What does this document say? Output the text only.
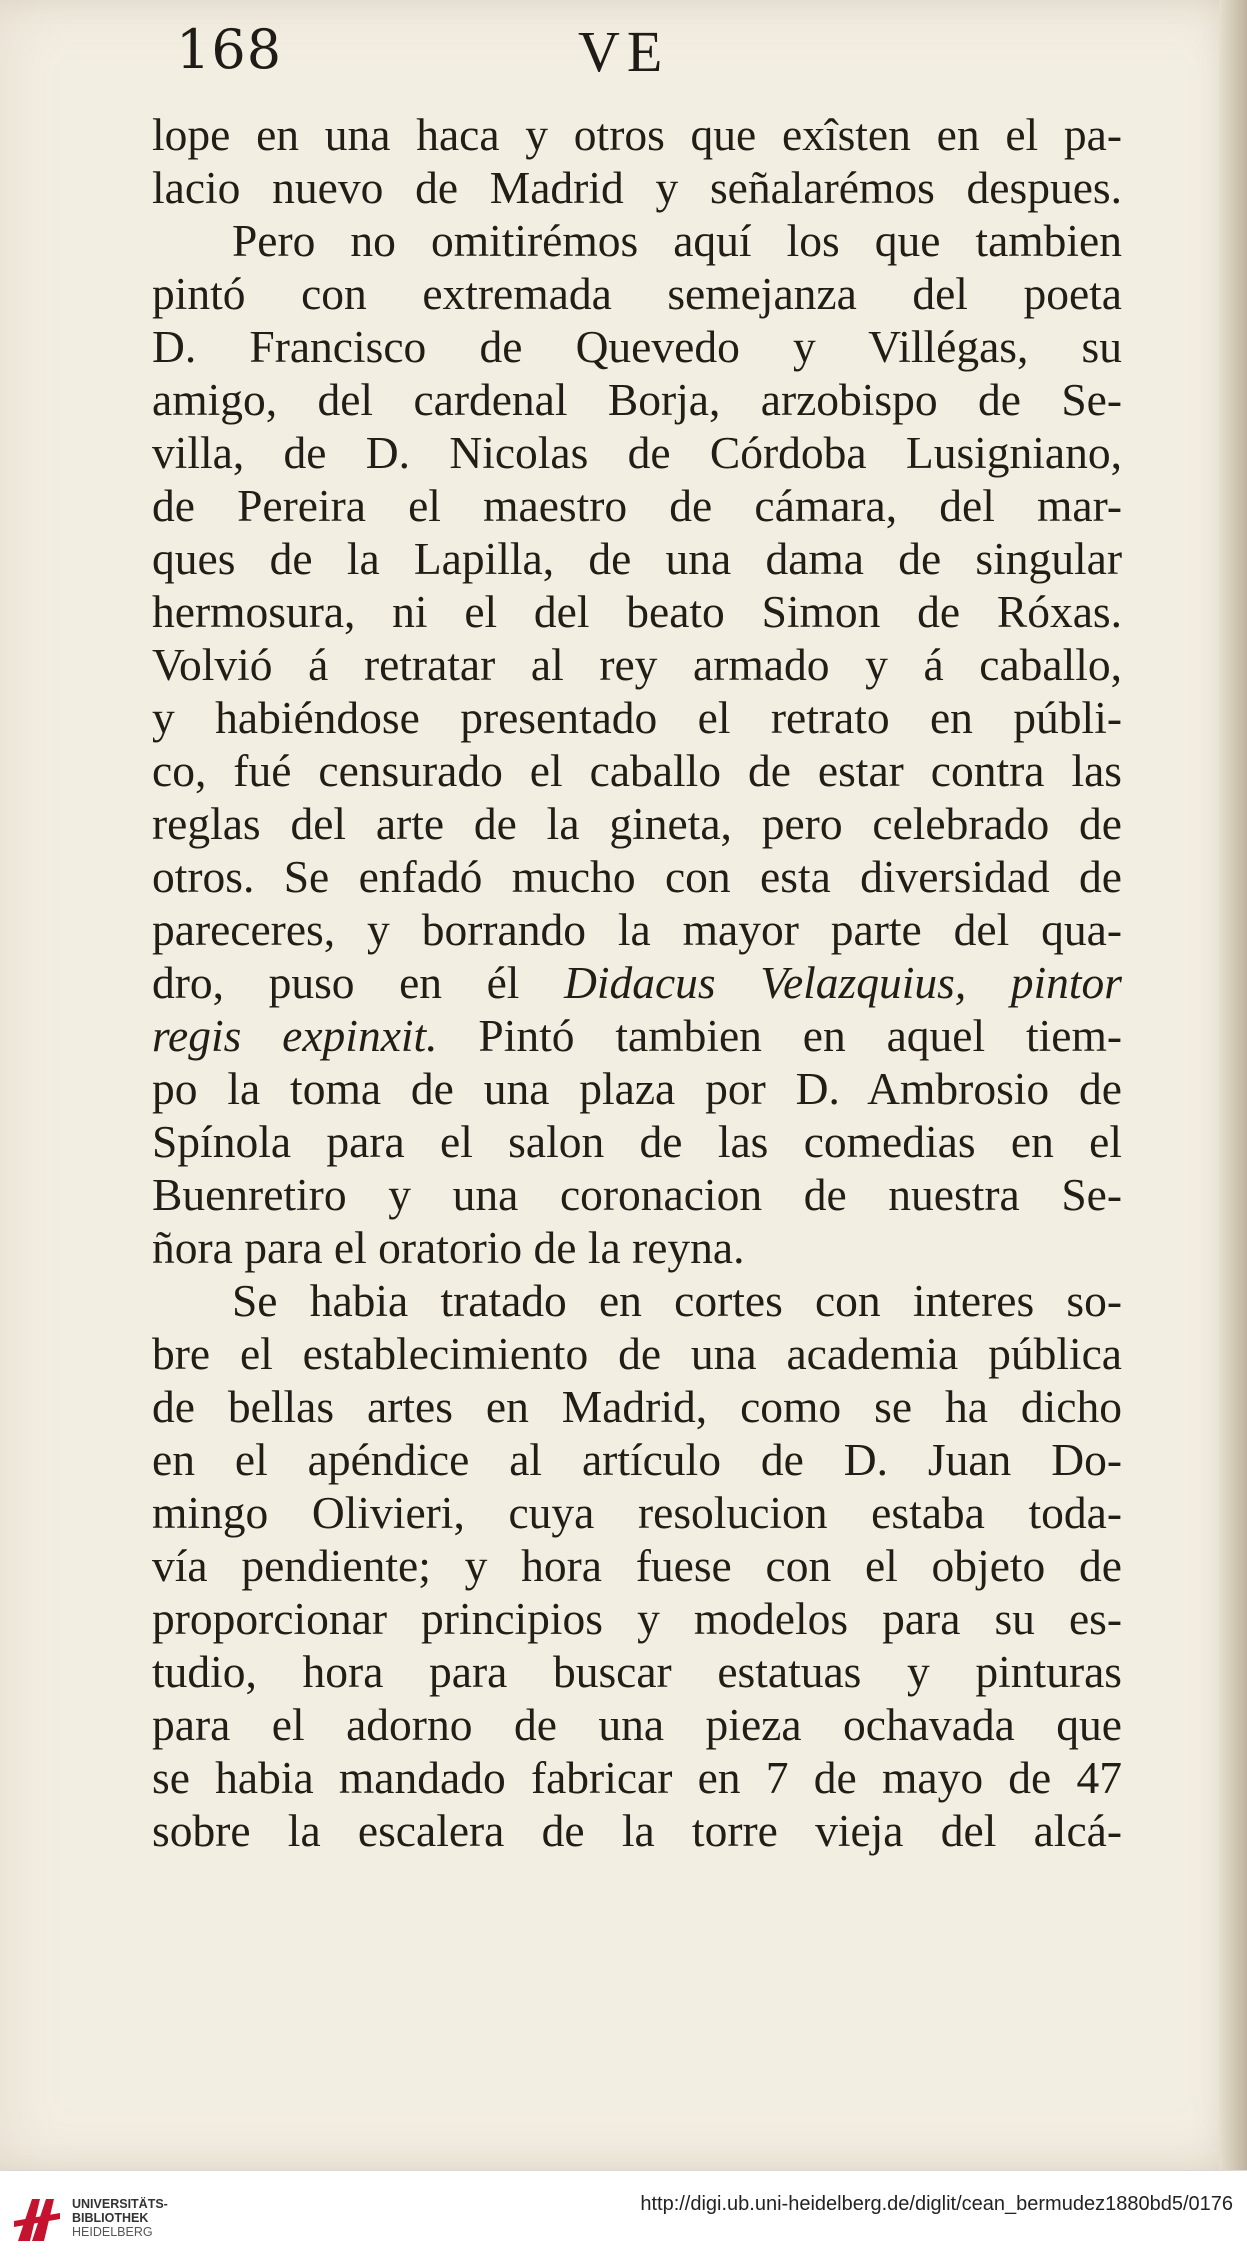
168	VE
lope en una haca y otros que exîsten en el pa-
lacio nuevo de Madrid y señalarémos despues.
Pero no omitirémos aquí los que tambien
pintó con extremada semejanza del poeta
D. Francisco de Quevedo y Villégas, su
amigo, del cardenal Borja, arzobispo de Se-
villa, de D. Nicolas de Córdoba Lusigniano,
de Pereira el maestro de cámara, del mar-
ques de la Lapilla, de una dama de singular
hermosura, ni el del beato Simon de Róxas.
Volvió á retratar al rey armado y á caballo,
y habiéndose presentado el retrato en públi-
co, fué censurado el caballo de estar contra las
reglas del arte de la gineta, pero celebrado de
otros. Se enfadó mucho con esta diversidad de
pareceres, y borrando la mayor parte del qua-
dro, puso en él Didacus Velazquius, pintor
regis expinxit. Pintó tambien en aquel tiem-
po la toma de una plaza por D. Ambrosio de
Spínola para el salon de las comedias en el
Buenretiro y una coronacion de nuestra Se-
ñora para el oratorio de la reyna.
Se habia tratado en cortes con interes so-
bre el establecimiento de una academia pública
de bellas artes en Madrid, como se ha dicho
en el apéndice al artículo de D. Juan Do-
mingo Olivieri, cuya resolucion estaba toda-
vía pendiente; y hora fuese con el objeto de
proporcionar principios y modelos para su es-
tudio, hora para buscar estatuas y pinturas
para el adorno de una pieza ochavada que
se habia mandado fabricar en 7 de mayo de 47
sobre la escalera de la torre vieja del alcá-
UNIVERSITÄTS-
BIBLIOTHEK
HEIDELBERG
http://digi.ub.uni-heidelberg.de/diglit/cean_bermudez1880bd5/0176
